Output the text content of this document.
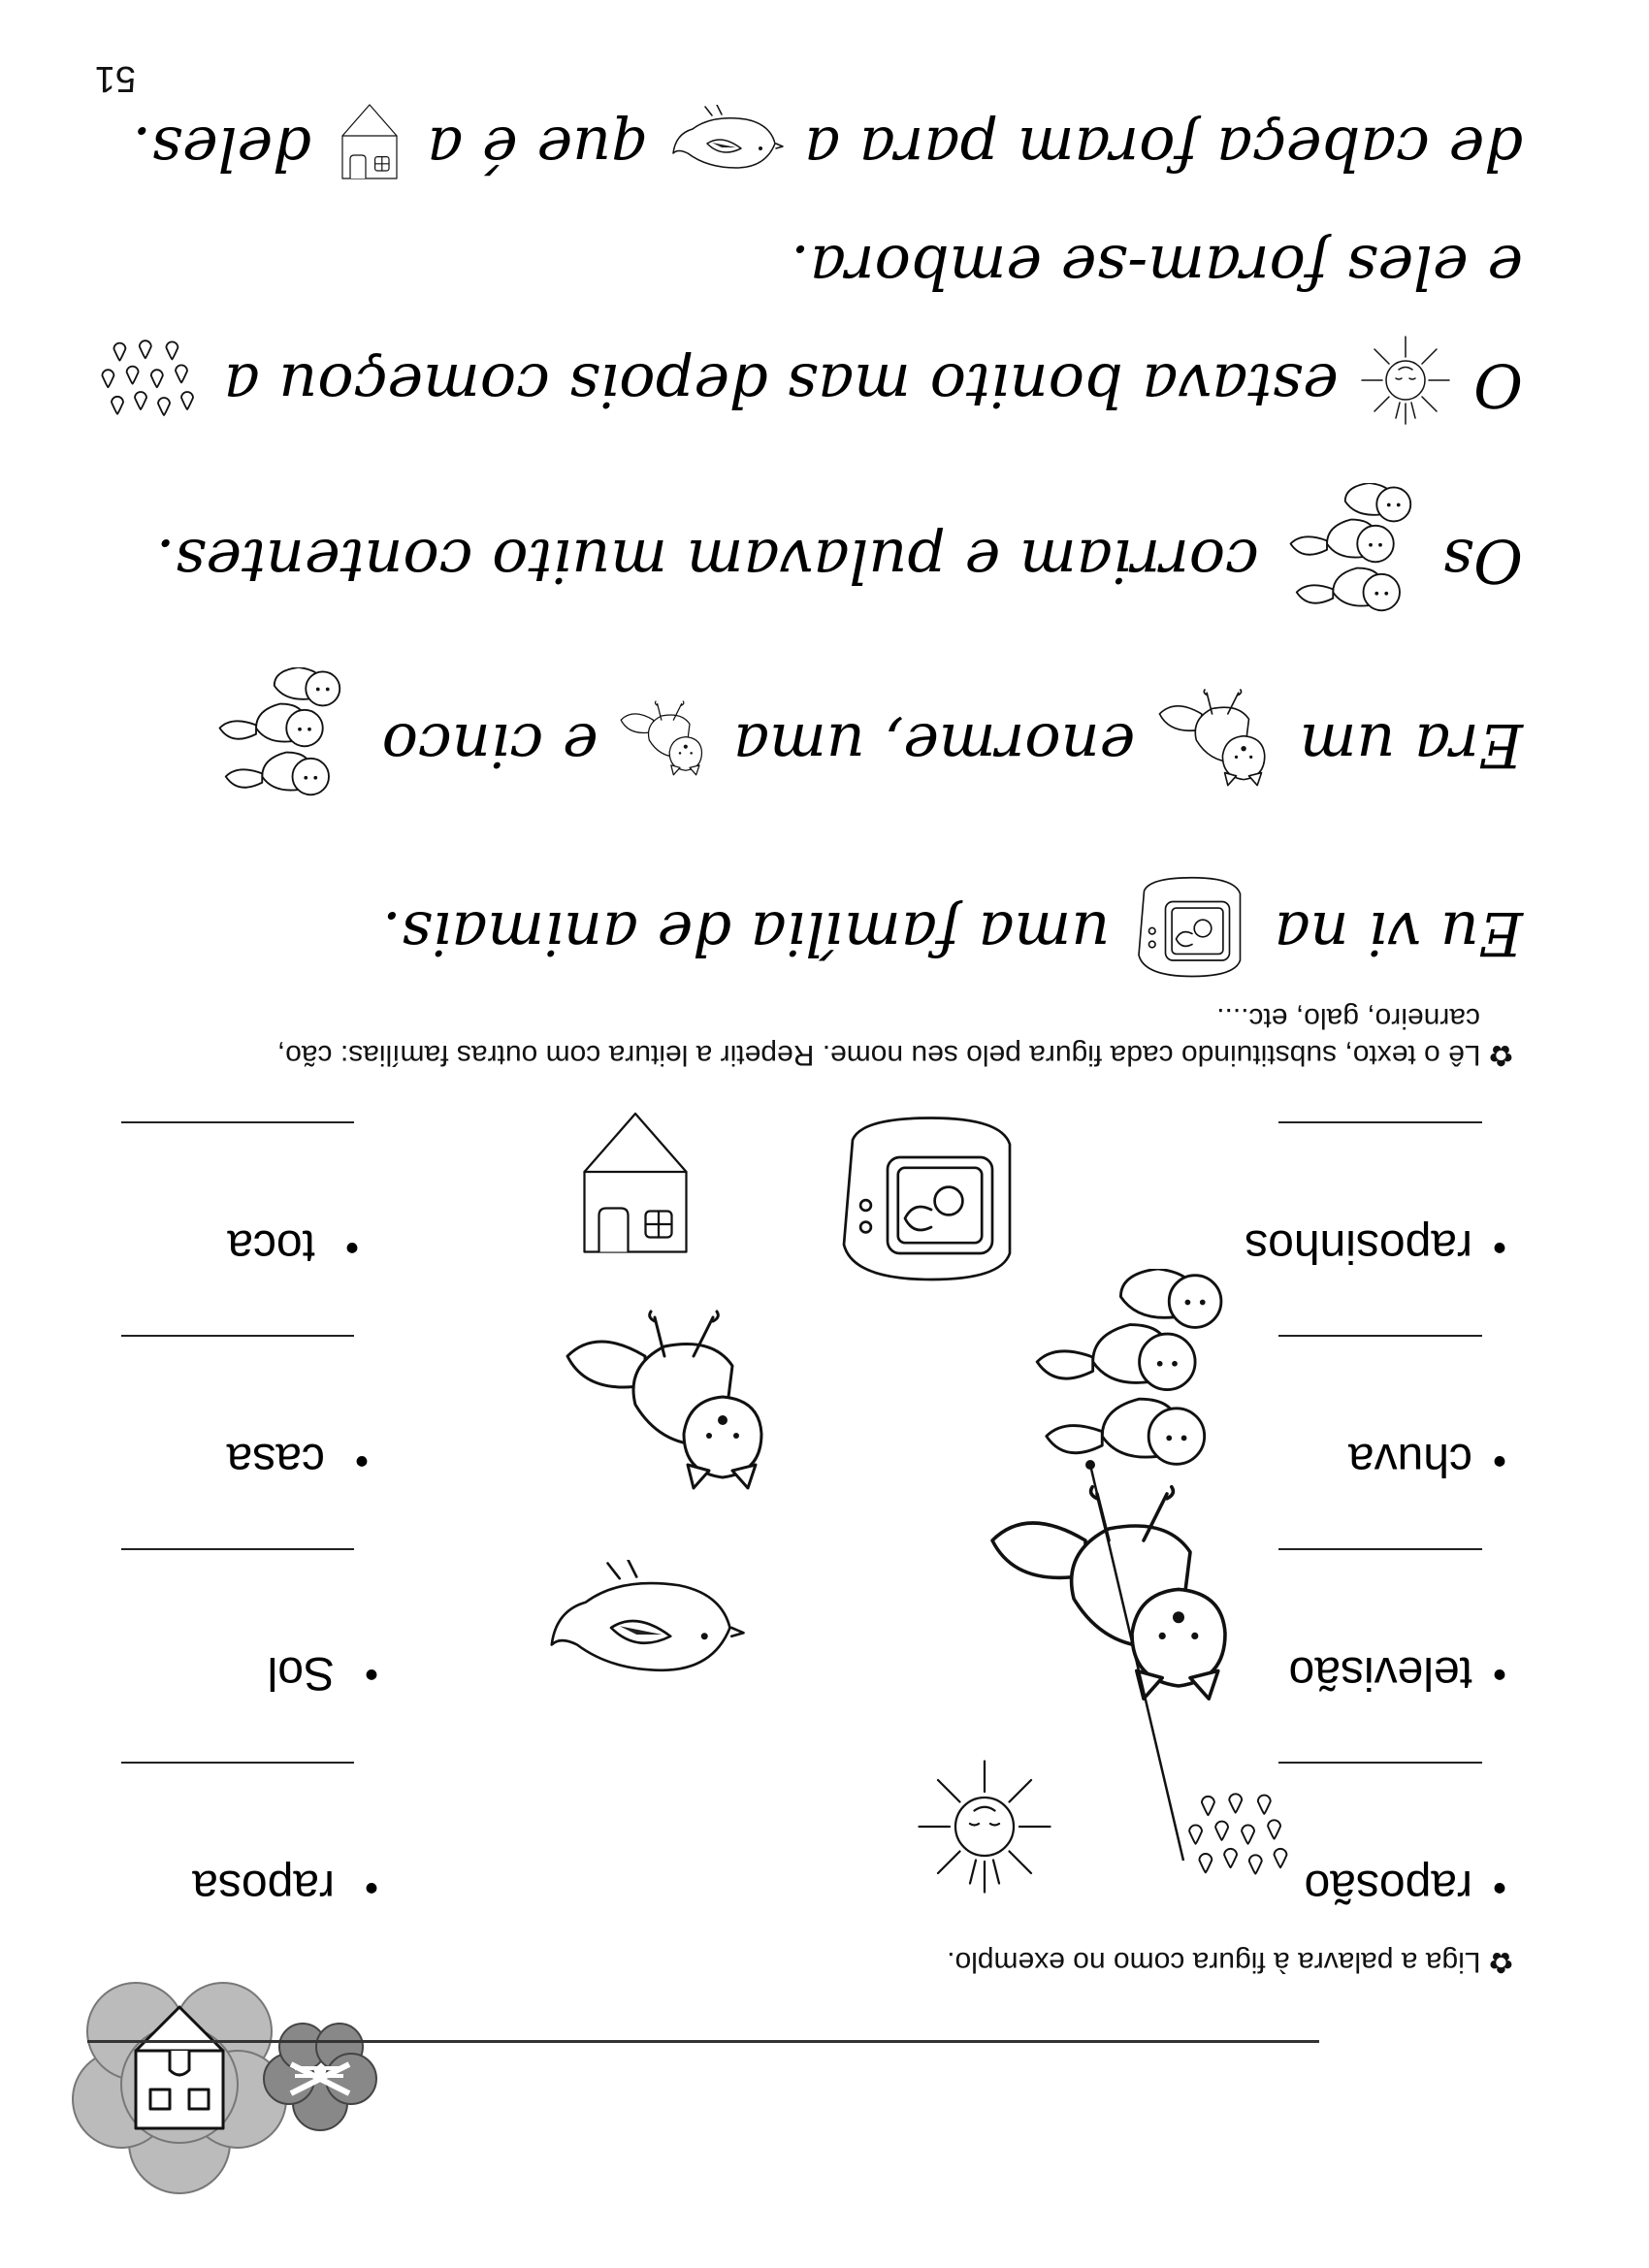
✿ Liga a palavra à figura como no exemplo.
•
raposão
•
raposa
•
televisão
•
Sol
•
chuva
•
casa
•
raposinhos
•
toca
✿ Lê o texto, substituindo cada figura pelo seu nome. Repetir a leitura com outras famílias: cão,
carneiro, galo, etc....
Eu vi na  uma família de animais.
Era um  enorme, uma  e cinco
Os  corriam e pulavam muito contentes.
O  estava bonito mas depois começou a
e eles foram-se embora.
de cabeça foram para a  que é a  deles.
51
